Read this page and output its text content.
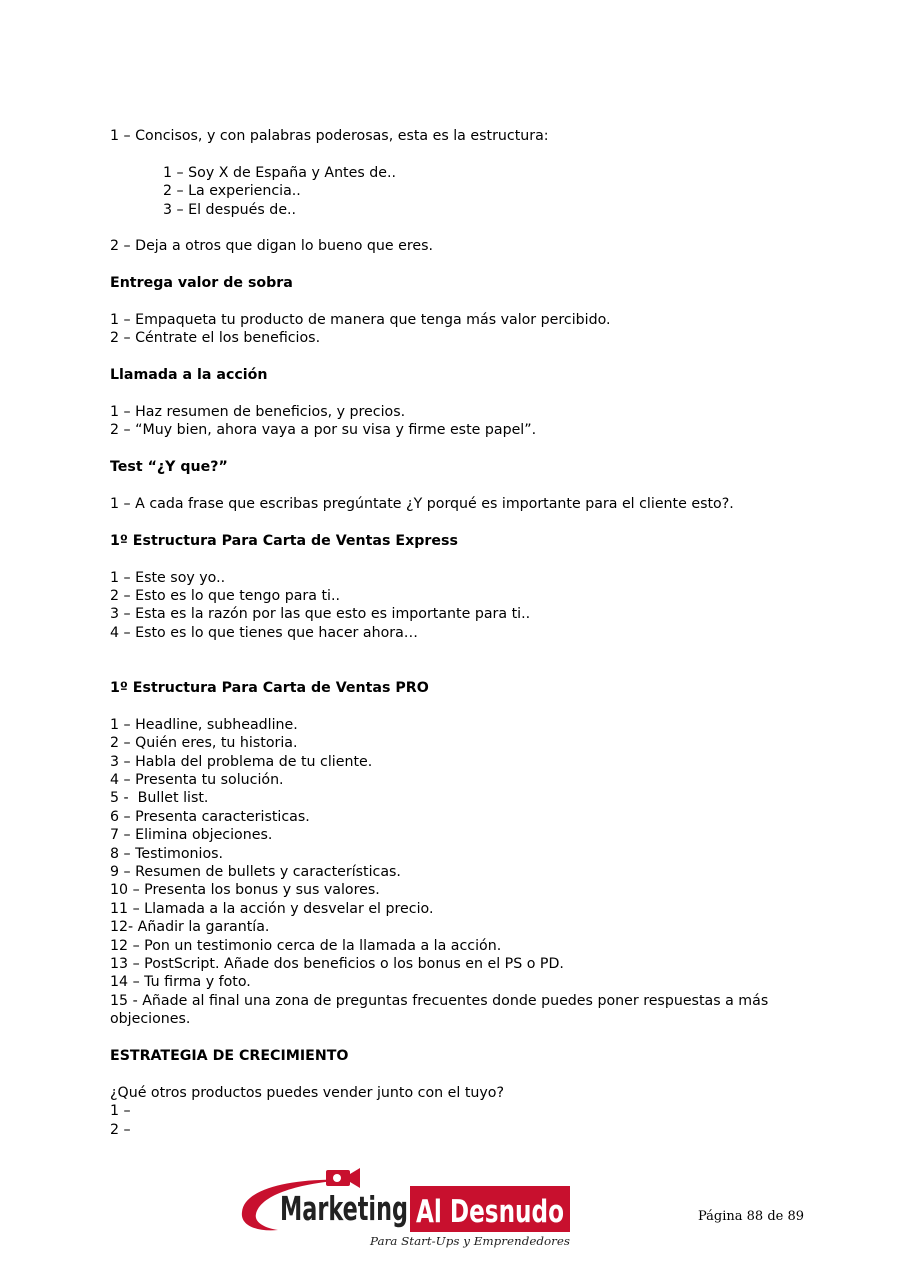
1 – Concisos, y con palabras poderosas, esta es la estructura:
1 – Soy X de España y Antes de..
2 – La experiencia..
3 – El después de..
2 – Deja a otros que digan lo bueno que eres.
Entrega valor de sobra
1 – Empaqueta tu producto de manera que tenga más valor percibido.
2 – Céntrate el los beneficios.
Llamada a la acción
1 – Haz resumen de beneficios, y precios.
2 – “Muy bien, ahora vaya a por su visa y firme este papel”.
Test “¿Y que?”
1 – A cada frase que escribas pregúntate ¿Y porqué es importante para el cliente esto?.
1º Estructura Para Carta de Ventas Express
1 – Este soy yo..
2 – Esto es lo que tengo para ti..
3 – Esta es la razón por las que esto es importante para ti..
4 – Esto es lo que tienes que hacer ahora…
1º Estructura Para Carta de Ventas PRO
1 – Headline, subheadline.
2 – Quién eres, tu historia.
3 – Habla del problema de tu cliente.
4 – Presenta tu solución.
5 -  Bullet list.
6 – Presenta caracteristicas.
7 – Elimina objeciones.
8 – Testimonios.
9 – Resumen de bullets y características.
10 – Presenta los bonus y sus valores.
11 – Llamada a la acción y desvelar el precio.
12- Añadir la garantía.
12 – Pon un testimonio cerca de la llamada a la acción.
13 – PostScript. Añade dos beneficios o los bonus en el PS o PD.
14 – Tu firma y foto.
15 - Añade al final una zona de preguntas frecuentes donde puedes poner respuestas a más objeciones.
ESTRATEGIA DE CRECIMIENTO
¿Qué otros productos puedes vender junto con el tuyo?
1 –
2 –
Marketing Al Desnudo
Para Start-Ups y Emprendedores
Página 88 de 89
